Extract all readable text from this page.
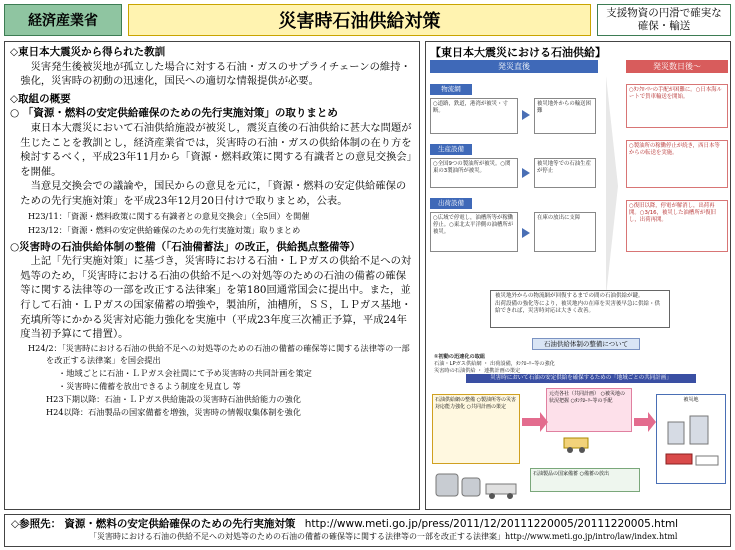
経済産業省	災害時石油供給対策	支援物資の円滑で確実な
確保・輸送
◇東日本大震災から得られた教訓
災害発生後被災地が孤立した場合に対する石油・ガスのサプライチェーンの維持・強化，災害時の初動の迅速化，国民への適切な情報提供が必要。
◇取組の概要
○ 「資源・燃料の安定供給確保のための先行実施対策」の取りまとめ
東日本大震災において石油供給施設が被災し，震災直後の石油供給に甚大な問題が生じたことを教訓とし，経済産業省では，災害時の石油・ガスの供給体制の在り方を検討するべく，平成23年11月から「資源・燃料政策に関する有識者との意見交換会」を開催。
当意見交換会での議論や，国民からの意見を元に，「資源・燃料の安定供給確保のための先行実施対策」を平成23年12月20日付けで取りまとめ，公表。
H23/11：「資源・燃料政策に関する有識者との意見交換会」（全5回）を開催
H23/12：「資源・燃料の安定供給確保のための先行実施対策」取りまとめ
○災害時の石油供給体制の整備（「石油備蓄法」の改正，供給拠点整備等）
上記「先行実施対策」に基づき，災害時における石油・ＬＰガスの供給不足への対処等のため，「災害時における石油の供給不足への対処等のための石油の備蓄の確保等に関する法律等の一部を改正する法律案」を第180回通常国会に提出中。また，並行して石油・ＬＰガスの国家備蓄の増強や，製油所，油槽所，ＳＳ，ＬＰガス基地・充填所等にかかる災害対応能力強化を実施中（平成23年度三次補正予算，平成24年度当初予算にて措置）。
H24/2：「災害時における石油の供給不足への対処等のための石油の備蓄の確保等に関する法律等の一部を改正する法律案」を国会提出
・地域ごとに石油・ＬＰガス会社間にて予め災害時の共同計画を策定
・災害時に備蓄を放出できるよう制度を見直し 等
H23下期以降：石油・ＬＰガス供給施設の災害時石油供給能力の強化
H24以降：石油製品の国家備蓄を増強，災害時の情報収集体制を強化
【東日本大震災における石油供給】
発災直後	発災数日後～
物流網
○道路，鉄道，港湾が被災・寸断。
被災地外からの輸送困難
○ﾀﾝｸﾛｰﾘｰの手配が困難に。○日本海ルートで貨車輸送を開始。
生産設備
○全国9つの製油所が被災。○関東の3製油所が被災。
被災地等での石油生産が停止
○製油所の稼働停止が続き，西日本等からの転送を実施。
出荷設備
○広域で停電し，油槽所等が稼働停止。○東北太平洋側の油槽所が被災。
在庫の放出に支障
○復旧以降，停電が解消し，出荷再開。○3/16，被災した油槽所が復旧し，出荷再開。
被災地外からの物流網が回復するまでの間の石油供給が鍵。
出荷設備の強化等により，被災地内の在庫を災害後早急に供給・供給できれば，災害時対応は大きく改善。
石油供給体制の整備について
①初動の迅速化の取組
石油・LPガス供給網 ・ 出荷設備，ﾀﾝｸﾛｰﾘｰ等の強化
災害時の石油供給 ・ 連携計画の策定
災害時において石油の安定供給を確保するための「地域ごとの共同計画」
石油供給網の整備 ○製油所等の災害対応能力強化 ○共同計画の策定
元売各社（共同計画） ○被災地の状況把握 ○ﾀﾝｸﾛｰﾘｰ等の手配	被災地
石油製品の国家備蓄 ○備蓄の放出
◇参照先： 資源・燃料の安定供給確保のための先行実施対策 http://www.meti.go.jp/press/2011/12/20111220005/20111220005.html
「災害時における石油の供給不足への対処等のための石油の備蓄の確保等に関する法律等の一部を改正する法律案」http://www.meti.go.jp/intro/law/index.html
